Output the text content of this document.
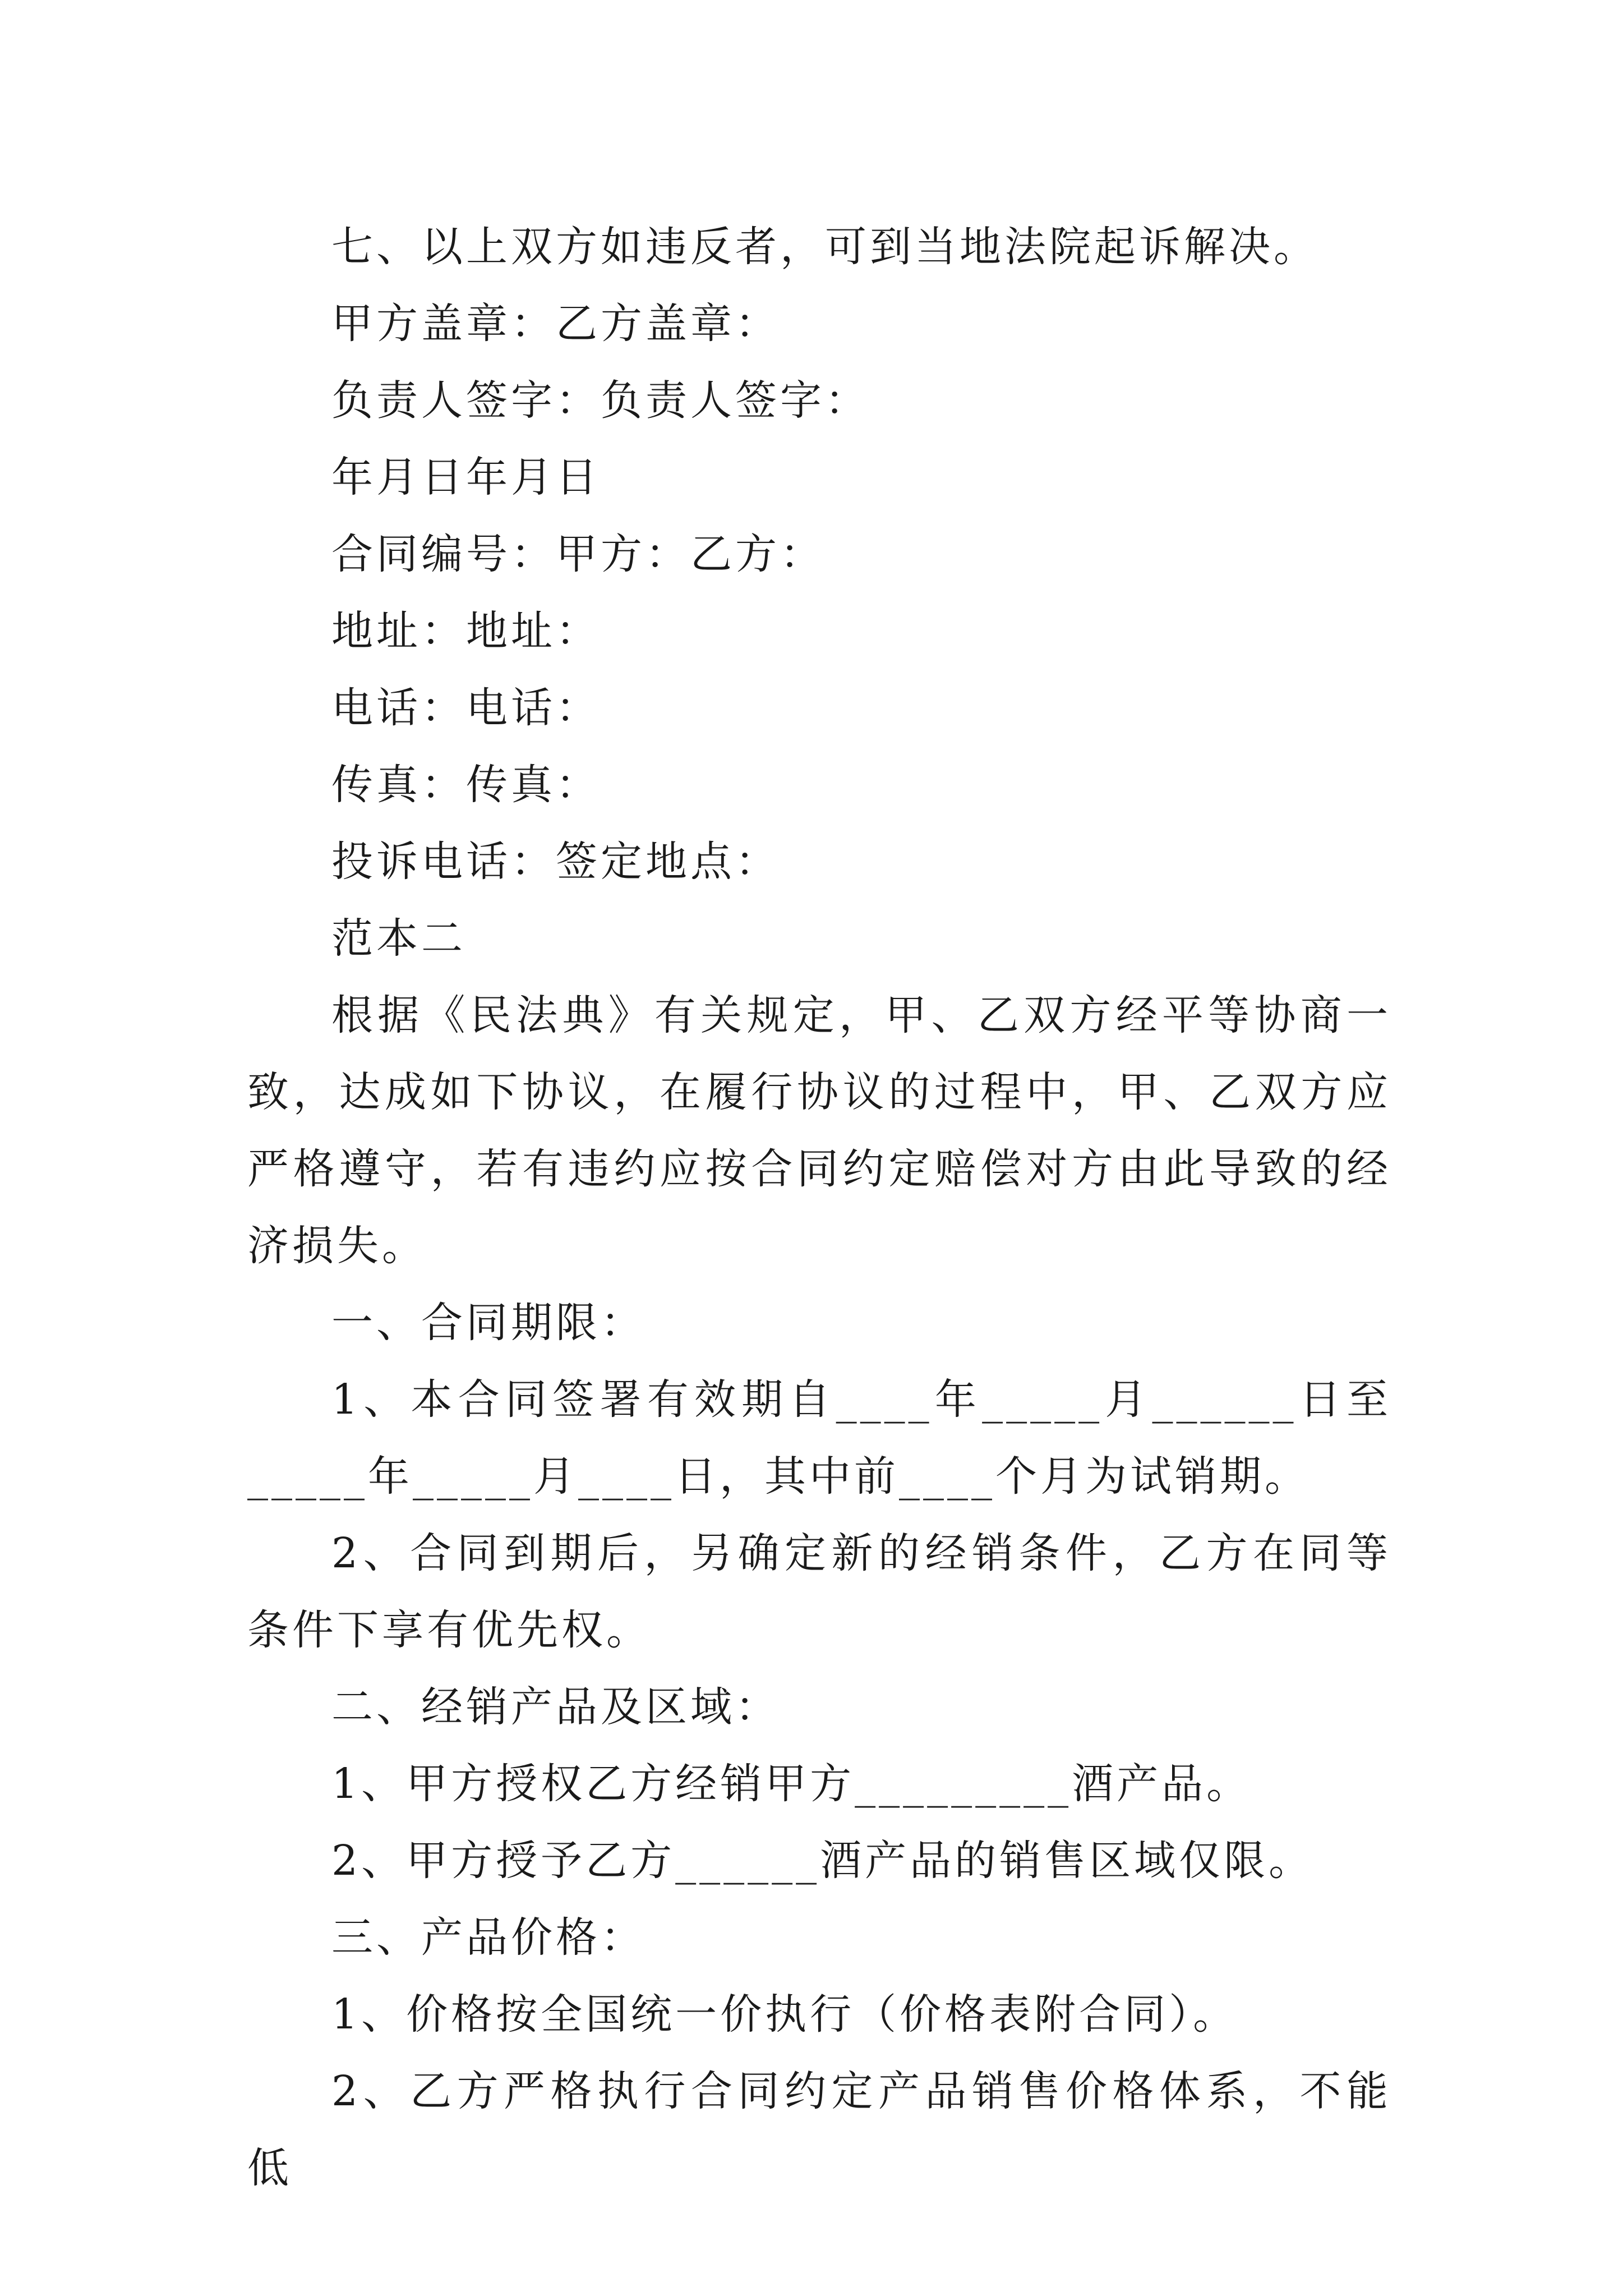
七、以上双方如违反者，可到当地法院起诉解决。

甲方盖章：乙方盖章：

负责人签字：负责人签字：

年月日年月日

合同编号：甲方：乙方：

地址：地址：

电话：电话：

传真：传真：

投诉电话：签定地点：

范本二

根据《民法典》有关规定，甲、乙双方经平等协商一致，达成如下协议，在履行协议的过程中，甲、乙双方应严格遵守，若有违约应按合同约定赔偿对方由此导致的经济损失。

一、合同期限：

1、本合同签署有效期自____年_____月______日至_____年_____月____日，其中前____个月为试销期。

2、合同到期后，另确定新的经销条件，乙方在同等条件下享有优先权。

二、经销产品及区域：

1、甲方授权乙方经销甲方_________酒产品。

2、甲方授予乙方______酒产品的销售区域仅限。

三、产品价格：

1、价格按全国统一价执行（价格表附合同）。

2、乙方严格执行合同约定产品销售价格体系，不能低
